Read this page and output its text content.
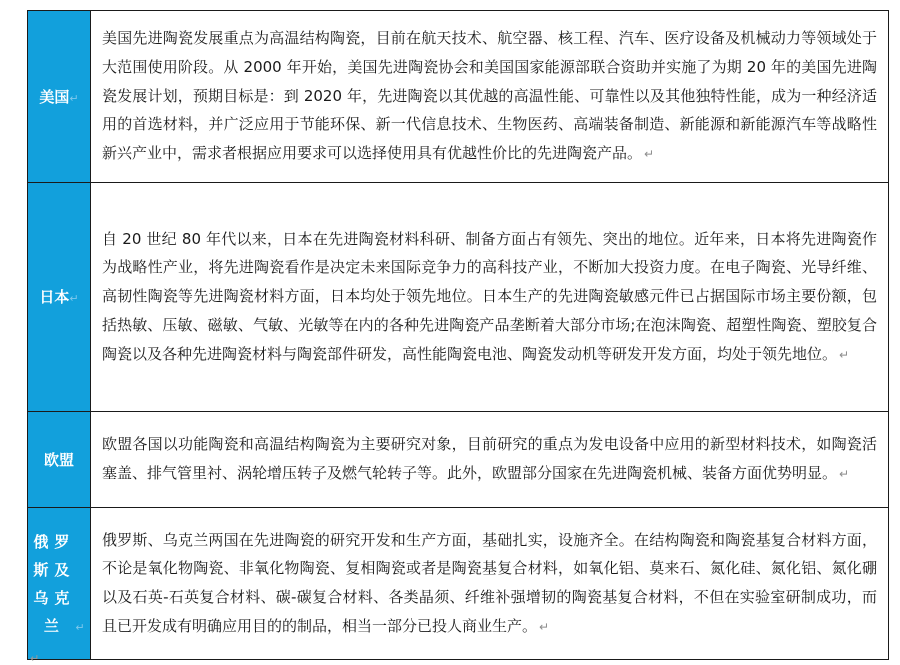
美国↵	美国先进陶瓷发展重点为高温结构陶瓷，目前在航天技术、航空器、核工程、汽车、医疗设备及机械动力等领域处于大范围使用阶段。从 2000 年开始，美国先进陶瓷协会和美国国家能源部联合资助并实施了为期 20 年的美国先进陶瓷发展计划，预期目标是：到 2020 年，先进陶瓷以其优越的高温性能、可靠性以及其他独特性能，成为一种经济适用的首选材料，并广泛应用于节能环保、新一代信息技术、生物医药、高端装备制造、新能源和新能源汽车等战略性新兴产业中，需求者根据应用要求可以选择使用具有优越性价比的先进陶瓷产品。 ↵
日本↵	自 20 世纪 80 年代以来，日本在先进陶瓷材料科研、制备方面占有领先、突出的地位。近年来，日本将先进陶瓷作为战略性产业，将先进陶瓷看作是决定未来国际竞争力的高科技产业，不断加大投资力度。在电子陶瓷、光导纤维、高韧性陶瓷等先进陶瓷材料方面，日本均处于领先地位。日本生产的先进陶瓷敏感元件已占据国际市场主要份额，包括热敏、压敏、磁敏、气敏、光敏等在内的各种先进陶瓷产品垄断着大部分市场;在泡沫陶瓷、超塑性陶瓷、塑胶复合陶瓷以及各种先进陶瓷材料与陶瓷部件研发，高性能陶瓷电池、陶瓷发动机等研发开发方面，均处于领先地位。 ↵
欧盟	欧盟各国以功能陶瓷和高温结构陶瓷为主要研究对象，目前研究的重点为发电设备中应用的新型材料技术，如陶瓷活塞盖、排气管里衬、涡轮增压转子及燃气轮转子等。此外，欧盟部分国家在先进陶瓷机械、装备方面优势明显。 ↵
俄罗
斯及
乌克
兰 ↵	俄罗斯、乌克兰两国在先进陶瓷的研究开发和生产方面，基础扎实，设施齐全。在结构陶瓷和陶瓷基复合材料方面，不论是氧化物陶瓷、非氧化物陶瓷、复相陶瓷或者是陶瓷基复合材料，如氧化铝、莫来石、氮化硅、氮化铝、氮化硼以及石英-石英复合材料、碳-碳复合材料、各类晶须、纤维补强增韧的陶瓷基复合材料，不但在实验室研制成功，而且已开发成有明确应用目的的制品，相当一部分已投人商业生产。 ↵
↵
